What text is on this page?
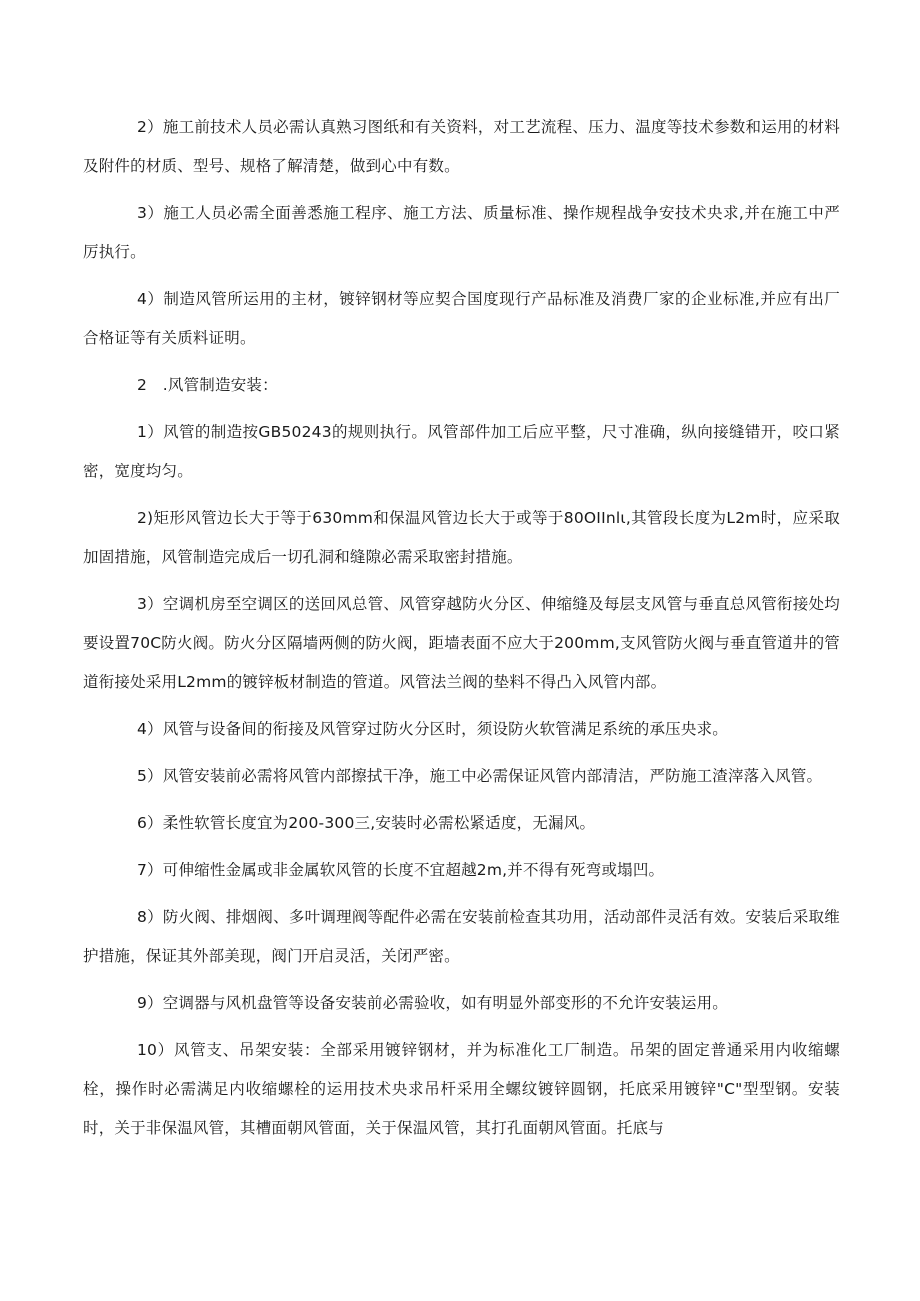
2）施工前技术人员必需认真熟习图纸和有关资料，对工艺流程、压力、温度等技术参数和运用的材料及附件的材质、型号、规格了解清楚，做到心中有数。

3）施工人员必需全面善悉施工程序、施工方法、质量标准、操作规程战争安技术央求,并在施工中严厉执行。

4）制造风管所运用的主材，镀锌钢材等应契合国度现行产品标准及消费厂家的企业标准,并应有出厂合格证等有关质料证明。

2　.风管制造安装：

1）风管的制造按GB50243的规则执行。风管部件加工后应平整，尺寸准确，纵向接缝错开，咬口紧密，宽度均匀。

2)矩形风管边长大于等于630mm和保温风管边长大于或等于80OIInlι,其管段长度为L2m时，应采取加固措施，风管制造完成后一切孔洞和缝隙必需采取密封措施。

3）空调机房至空调区的送回风总管、风管穿越防火分区、伸缩缝及每层支风管与垂直总风管衔接处均要设置70C防火阀。防火分区隔墙两侧的防火阀，距墙表面不应大于200mm,支风管防火阀与垂直管道井的管道衔接处采用L2mm的镀锌板材制造的管道。风管法兰阀的垫料不得凸入风管内部。

4）风管与设备间的衔接及风管穿过防火分区时，须设防火软管满足系统的承压央求。

5）风管安装前必需将风管内部擦拭干净，施工中必需保证风管内部清洁，严防施工渣滓落入风管。

6）柔性软管长度宜为200-300三,安装时必需松紧适度，无漏风。

7）可伸缩性金属或非金属软风管的长度不宜超越2m,并不得有死弯或塌凹。

8）防火阀、排烟阀、多叶调理阀等配件必需在安装前检查其功用，活动部件灵活有效。安装后采取维护措施，保证其外部美现，阀门开启灵活，关闭严密。

9）空调器与风机盘管等设备安装前必需验收，如有明显外部变形的不允许安装运用。

10）风管支、吊架安装：全部采用镀锌钢材，并为标准化工厂制造。吊架的固定普通采用内收缩螺栓，操作时必需满足内收缩螺栓的运用技术央求吊杆采用全螺纹镀锌圆钢，托底采用镀锌"C"型型钢。安装时，关于非保温风管，其槽面朝风管面，关于保温风管，其打孔面朝风管面。托底与
